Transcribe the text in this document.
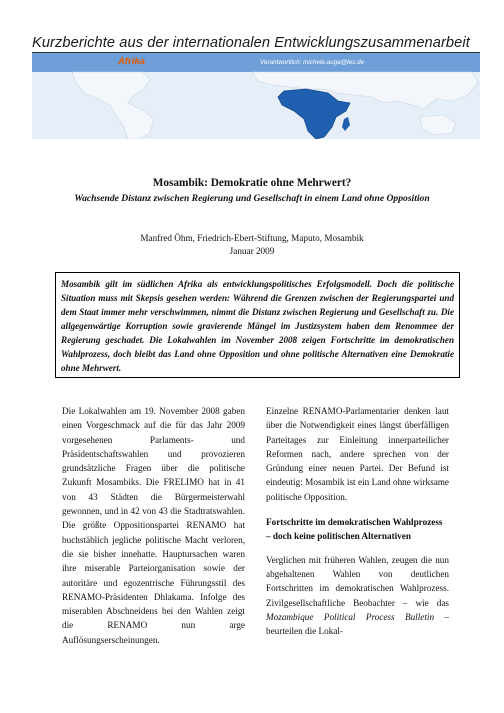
Kurzberichte aus der internationalen Entwicklungszusammenarbeit
Afrika	Verantwortlich: michele.auga@fes.de
Mosambik: Demokratie ohne Mehrwert?
Wachsende Distanz zwischen Regierung und Gesellschaft in einem Land ohne Opposition
Manfred Öhm, Friedrich-Ebert-Stiftung, Maputo, Mosambik
Januar 2009
Mosambik gilt im südlichen Afrika als entwicklungspolitisches Erfolgsmodell. Doch die politische Situation muss mit Skepsis gesehen werden: Während die Grenzen zwischen der Regierungspartei und dem Staat immer mehr verschwimmen, nimmt die Distanz zwischen Regierung und Gesellschaft zu. Die allgegenwärtige Korruption sowie gravierende Mängel im Justizsystem haben dem Renommee der Regierung geschadet. Die Lokalwahlen im November 2008 zeigen Fortschritte im demokratischen Wahlprozess, doch bleibt das Land ohne Opposition und ohne politische Alternativen eine Demokratie ohne Mehrwert.

Die Lokalwahlen am 19. November 2008 gaben einen Vorgeschmack auf die für das Jahr 2009 vorgesehenen Parlaments- und Präsidentschaftswahlen und provozieren grundsätzliche Fragen über die politische Zukunft Mosambiks. Die FRELIMO hat in 41 von 43 Städten die Bürgermeisterwahl gewonnen, und in 42 von 43 die Stadtratswahlen. Die größte Oppositionspartei RENAMO hat buchstäblich jegliche politische Macht verloren, die sie bisher innehatte. Hauptursachen waren ihre miserable Parteiorganisation sowie der autoritäre und egozentrische Führungsstil des RENAMO-Präsidenten Dhlakama. Infolge des miserablen Abschneidens bei den Wahlen zeigt die RENAMO nun arge Auflösungserscheinungen.

Einzelne RENAMO-Parlamentarier denken laut über die Notwendigkeit eines längst überfälligen Parteitages zur Einleitung innerparteilicher Reformen nach, andere sprechen von der Gründung einer neuen Partei. Der Befund ist eindeutig: Mosambik ist ein Land ohne wirksame politische Opposition.

Fortschritte im demokratischen Wahlprozess – doch keine politischen Alternativen

Verglichen mit früheren Wahlen, zeugen die nun abgehaltenen Wahlen von deutlichen Fortschritten im demokratischen Wahlprozess. Zivilgesellschaftliche Beobachter – wie das Mozambique Political Process Bulletin – beurteilen die Lokal-
